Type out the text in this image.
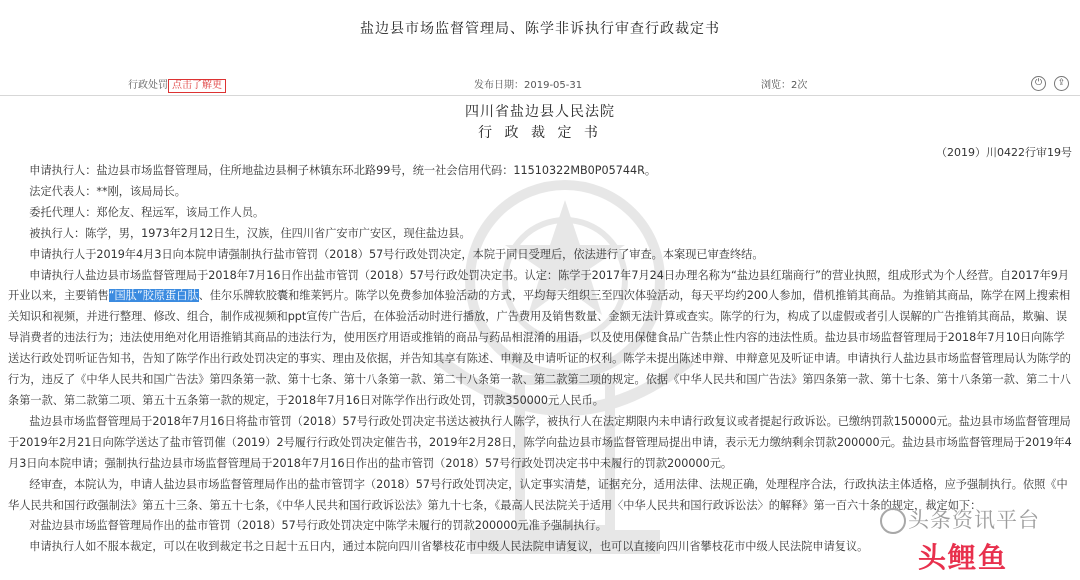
盐边县市场监督管理局、陈学非诉执行审查行政裁定书
行政处罚 点击了解更	发布日期：2019-05-31	浏览：2次	⏻	⇪
四川省盐边县人民法院
行 政 裁 定 书
（2019）川0422行审19号

申请执行人：盐边县市场监督管理局，住所地盐边县桐子林镇东环北路99号，统一社会信用代码：11510322MB0P05744R。

法定代表人：**刚，该局局长。

委托代理人：郑伦友、程远军，该局工作人员。

被执行人：陈学，男，1973年2月12日生，汉族，住四川省广安市广安区，现住盐边县。

申请执行人于2019年4月3日向本院申请强制执行盐市管罚（2018）57号行政处罚决定，本院于同日受理后，依法进行了审查。本案现已审查终结。

申请执行人盐边县市场监督管理局于2018年7月16日作出盐市管罚（2018）57号行政处罚决定书。认定：陈学于2017年7月24日办理名称为“盐边县红瑞商行”的营业执照，组成形式为个人经营。自2017年9月开业以来，主要销售“国肽”胶原蛋白肽、佳尔乐牌软胶囊和维莱钙片。陈学以免费参加体验活动的方式，平均每天组织三至四次体验活动，每天平均约200人参加，借机推销其商品。为推销其商品，陈学在网上搜索相关知识和视频，并进行整理、修改、组合，制作成视频和ppt宣传广告后，在体验活动时进行播放，广告费用及销售数量、金额无法计算或查实。陈学的行为，构成了以虚假或者引人误解的广告推销其商品，欺骗、误导消费者的违法行为；违法使用绝对化用语推销其商品的违法行为，使用医疗用语或推销的商品与药品相混淆的用语，以及使用保健食品广告禁止性内容的违法性质。盐边县市场监督管理局于2018年7月10日向陈学送达行政处罚听证告知书，告知了陈学作出行政处罚决定的事实、理由及依据，并告知其享有陈述、申辩及申请听证的权利。陈学未提出陈述申辩、申辩意见及听证申请。申请执行人盐边县市场监督管理局认为陈学的行为，违反了《中华人民共和国广告法》第四条第一款、第十七条、第十八条第一款、第二十八条第一款、第二款第二项的规定。依据《中华人民共和国广告法》第四条第一款、第十七条、第十八条第一款、第二十八条第一款、第二款第二项、第五十五条第一款的规定，于2018年7月16日对陈学作出行政处罚，罚款350000元人民币。

盐边县市场监督管理局于2018年7月16日将盐市管罚（2018）57号行政处罚决定书送达被执行人陈学，被执行人在法定期限内未申请行政复议或者提起行政诉讼。已缴纳罚款150000元。盐边县市场监督管理局于2019年2月21日向陈学送达了盐市管罚催（2019）2号履行行政处罚决定催告书，2019年2月28日，陈学向盐边县市场监督管理局提出申请，表示无力缴纳剩余罚款200000元。盐边县市场监督管理局于2019年4月3日向本院申请；强制执行盐边县市场监督管理局于2018年7月16日作出的盐市管罚（2018）57号行政处罚决定书中未履行的罚款200000元。

经审查，本院认为，申请人盐边县市场监督管理局作出的盐市管罚字（2018）57号行政处罚决定，认定事实清楚，证据充分，适用法律、法规正确，处理程序合法，行政执法主体适格，应予强制执行。依照《中华人民共和国行政强制法》第五十三条、第五十七条，《中华人民共和国行政诉讼法》第九十七条，《最高人民法院关于适用〈中华人民共和国行政诉讼法〉的解释》第一百六十条的规定，裁定如下：

对盐边县市场监督管理局作出的盐市管罚（2018）57号行政处罚决定中陈学未履行的罚款200000元准予强制执行。

申请执行人如不服本裁定，可以在收到裁定书之日起十五日内，通过本院向四川省攀枝花市中级人民法院申请复议，也可以直接向四川省攀枝花市中级人民法院申请复议。

头条资讯平台
头鲤鱼
